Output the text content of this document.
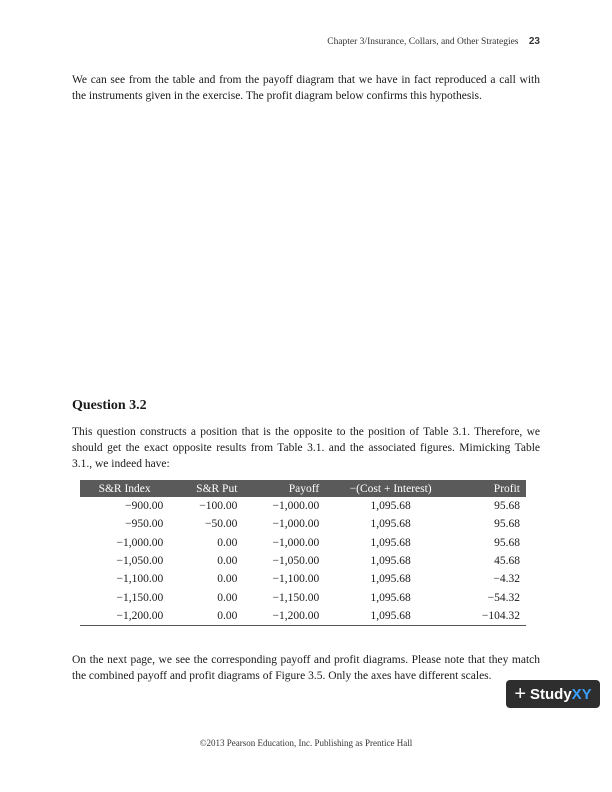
Chapter 3/Insurance, Collars, and Other Strategies 23

We can see from the table and from the payoff diagram that we have in fact reproduced a call with the instruments given in the exercise. The profit diagram below confirms this hypothesis.

Question 3.2

This question constructs a position that is the opposite to the position of Table 3.1. Therefore, we should get the exact opposite results from Table 3.1. and the associated figures. Mimicking Table 3.1., we indeed have:

S&R Index	S&R Put	Payoff	−(Cost + Interest)	Profit
−900.00	−100.00	−1,000.00	1,095.68	95.68
−950.00	−50.00	−1,000.00	1,095.68	95.68
−1,000.00	0.00	−1,000.00	1,095.68	95.68
−1,050.00	0.00	−1,050.00	1,095.68	45.68
−1,100.00	0.00	−1,100.00	1,095.68	−4.32
−1,150.00	0.00	−1,150.00	1,095.68	−54.32
−1,200.00	0.00	−1,200.00	1,095.68	−104.32

On the next page, we see the corresponding payoff and profit diagrams. Please note that they match the combined payoff and profit diagrams of Figure 3.5. Only the axes have different scales.

+ Study XY
©2013 Pearson Education, Inc. Publishing as Prentice Hall
